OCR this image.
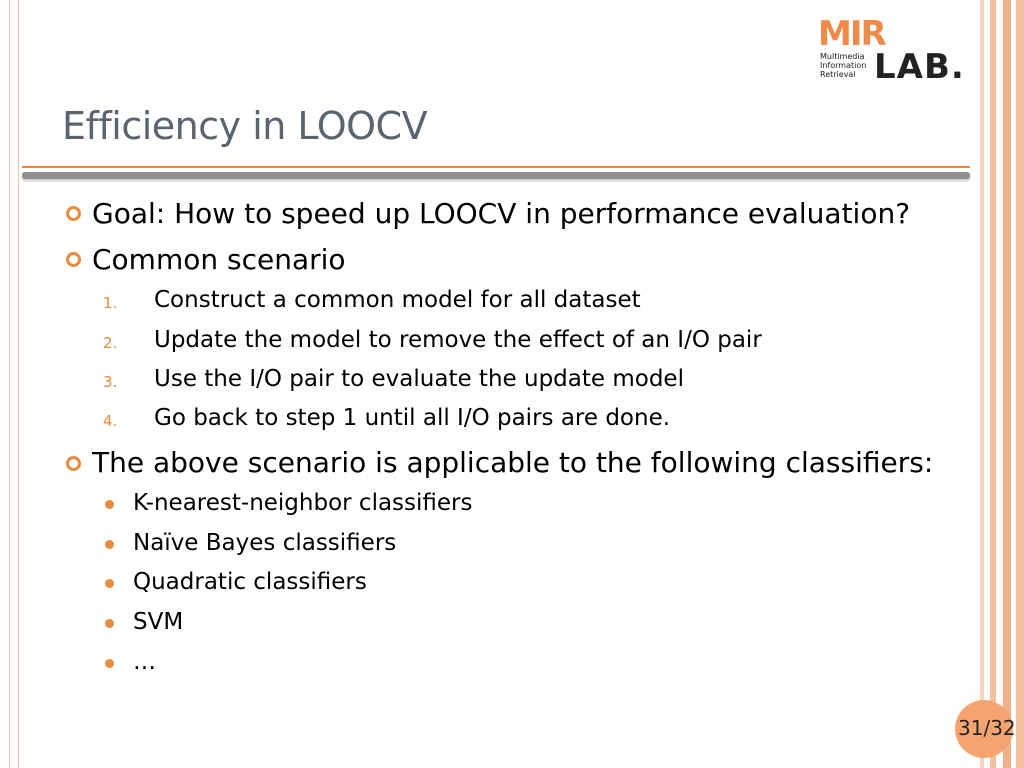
MIR
Multimedia
Information
Retrieval LAB.
Efficiency in LOOCV
Goal: How to speed up LOOCV in performance evaluation?
Common scenario
1. Construct a common model for all dataset
2. Update the model to remove the effect of an I/O pair
3. Use the I/O pair to evaluate the update model
4. Go back to step 1 until all I/O pairs are done.
The above scenario is applicable to the following classifiers:
K-nearest-neighbor classifiers
Naïve Bayes classifiers
Quadratic classifiers
SVM
…
31/32
